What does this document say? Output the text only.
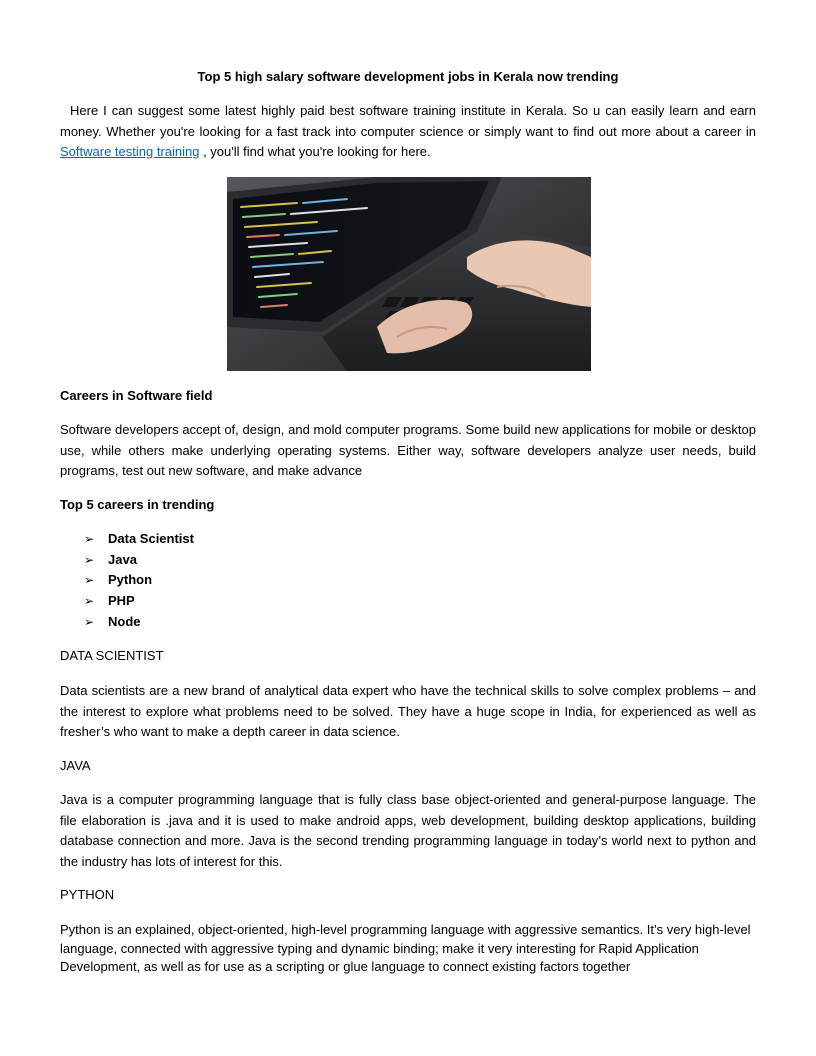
Top 5 high salary software development jobs in Kerala now trending
Here I can suggest some latest highly paid best software training institute in Kerala. So u can easily learn and earn money. Whether you're looking for a fast track into computer science or simply want to find out more about a career in Software testing training , you'll find what you're looking for here.
Careers in Software field
Software developers accept of, design, and mold computer programs. Some build new applications for mobile or desktop use, while others make underlying operating systems. Either way, software developers analyze user needs, build programs, test out new software, and make advance
Top 5 careers in trending
➢ Data Scientist
➢ Java
➢ Python
➢ PHP
➢ Node
DATA SCIENTIST
Data scientists are a new brand of analytical data expert who have the technical skills to solve complex problems – and the interest to explore what problems need to be solved. They have a huge scope in India, for experienced as well as fresher’s who want to make a depth career in data science.
JAVA
Java is a computer programming language that is fully class base object-oriented and general-purpose language. The file elaboration is .java and it is used to make android apps, web development, building desktop applications, building database connection and more. Java is the second trending programming language in today’s world next to python and the industry has lots of interest for this.
PYTHON
Python is an explained, object-oriented, high-level programming language with aggressive semantics. It’s very high-level language, connected with aggressive typing and dynamic binding; make it very interesting for Rapid Application Development, as well as for use as a scripting or glue language to connect existing factors together
